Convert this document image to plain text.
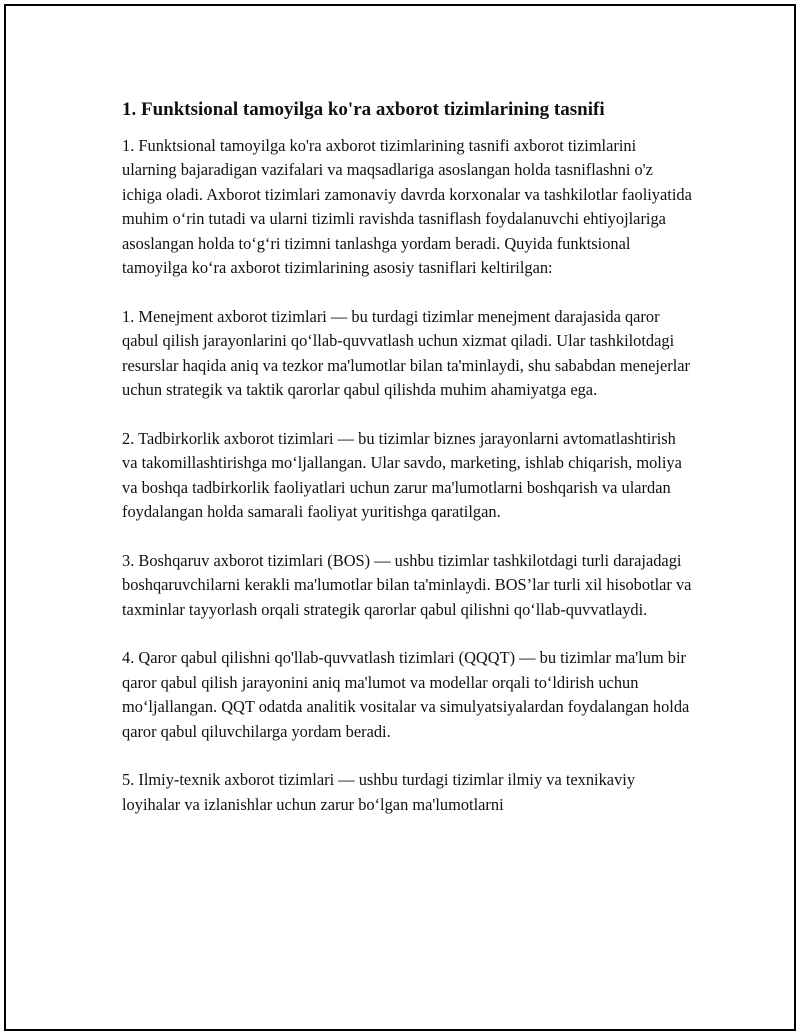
1. Funktsional tamoyilga ko'ra axborot tizimlarining tasnifi

1. Funktsional tamoyilga ko'ra axborot tizimlarining tasnifi axborot tizimlarini ularning bajaradigan vazifalari va maqsadlariga asoslangan holda tasniflashni o'z ichiga oladi. Axborot tizimlari zamonaviy davrda korxonalar va tashkilotlar faoliyatida muhim oʻrin tutadi va ularni tizimli ravishda tasniflash foydalanuvchi ehtiyojlariga asoslangan holda toʻgʻri tizimni tanlashga yordam beradi. Quyida funktsional tamoyilga koʻra axborot tizimlarining asosiy tasniflari keltirilgan:

1. Menejment axborot tizimlari — bu turdagi tizimlar menejment darajasida qaror qabul qilish jarayonlarini qoʻllab-quvvatlash uchun xizmat qiladi. Ular tashkilotdagi resurslar haqida aniq va tezkor ma'lumotlar bilan ta'minlaydi, shu sababdan menejerlar uchun strategik va taktik qarorlar qabul qilishda muhim ahamiyatga ega.

2. Tadbirkorlik axborot tizimlari — bu tizimlar biznes jarayonlarni avtomatlashtirish va takomillashtirishga moʻljallangan. Ular savdo, marketing, ishlab chiqarish, moliya va boshqa tadbirkorlik faoliyatlari uchun zarur ma'lumotlarni boshqarish va ulardan foydalangan holda samarali faoliyat yuritishga qaratilgan.

3. Boshqaruv axborot tizimlari (BOS) — ushbu tizimlar tashkilotdagi turli darajadagi boshqaruvchilarni kerakli ma'lumotlar bilan ta'minlaydi. BOS’lar turli xil hisobotlar va taxminlar tayyorlash orqali strategik qarorlar qabul qilishni qoʻllab-quvvatlaydi.

4. Qaror qabul qilishni qo'llab-quvvatlash tizimlari (QQQT) — bu tizimlar ma'lum bir qaror qabul qilish jarayonini aniq ma'lumot va modellar orqali toʻldirish uchun moʻljallangan. QQT odatda analitik vositalar va simulyatsiyalardan foydalangan holda qaror qabul qiluvchilarga yordam beradi.

5. Ilmiy-texnik axborot tizimlari — ushbu turdagi tizimlar ilmiy va texnikaviy loyihalar va izlanishlar uchun zarur boʻlgan ma'lumotlarni
